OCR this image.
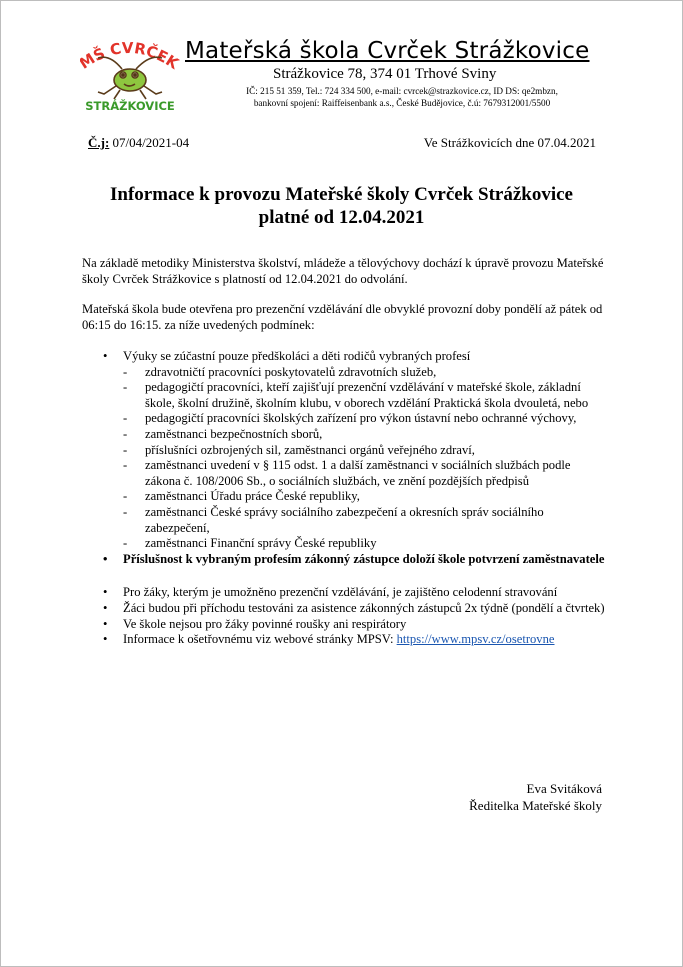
Š CVRČEK
STRÁŽKOVICE
Mateřská škola Cvrček Strážkovice
Strážkovice 78, 374 01 Trhové Sviny
IČ: 215 51 359, Tel.: 724 334 500, e-mail: cvrcek@strazkovice.cz, ID DS: qe2mbzn,
bankovní spojení: Raiffeisenbank a.s., České Budějovice, č.ú: 7679312001/5500
Č.j: 07/04/2021-04	Ve Strážkovicích dne 07.04.2021
Informace k provozu Mateřské školy Cvrček Strážkovice
platné od 12.04.2021
Na základě metodiky Ministerstva školství, mládeže a tělovýchovy dochází k úpravě provozu Mateřské školy Cvrček Strážkovice s platností od 12.04.2021 do odvolání.
Mateřská škola bude otevřena pro prezenční vzdělávání dle obvyklé provozní doby pondělí až pátek od 06:15 do 16:15. za níže uvedených podmínek:
• Výuky se zúčastní pouze předškoláci a děti rodičů vybraných profesí
- zdravotničtí pracovníci poskytovatelů zdravotních služeb,
- pedagogičtí pracovníci, kteří zajišťují prezenční vzdělávání v mateřské škole, základní škole, školní družině, školním klubu, v oborech vzdělání Praktická škola dvouletá, nebo
- pedagogičtí pracovníci školských zařízení pro výkon ústavní nebo ochranné výchovy,
- zaměstnanci bezpečnostních sborů,
- příslušníci ozbrojených sil, zaměstnanci orgánů veřejného zdraví,
- zaměstnanci uvedení v § 115 odst. 1 a další zaměstnanci v sociálních službách podle zákona č. 108/2006 Sb., o sociálních službách, ve znění pozdějších předpisů
- zaměstnanci Úřadu práce České republiky,
- zaměstnanci České správy sociálního zabezpečení a okresních správ sociálního zabezpečení,
- zaměstnanci Finanční správy České republiky
• Příslušnost k vybraným profesím zákonný zástupce doloží škole potvrzení zaměstnavatele
• Pro žáky, kterým je umožněno prezenční vzdělávání, je zajištěno celodenní stravování
• Žáci budou při příchodu testováni za asistence zákonných zástupců 2x týdně (pondělí a čtvrtek)
• Ve škole nejsou pro žáky povinné roušky ani respirátory
• Informace k ošetřovnému viz webové stránky MPSV: https://www.mpsv.cz/osetrovne
Eva Svitáková
Ředitelka Mateřské školy
